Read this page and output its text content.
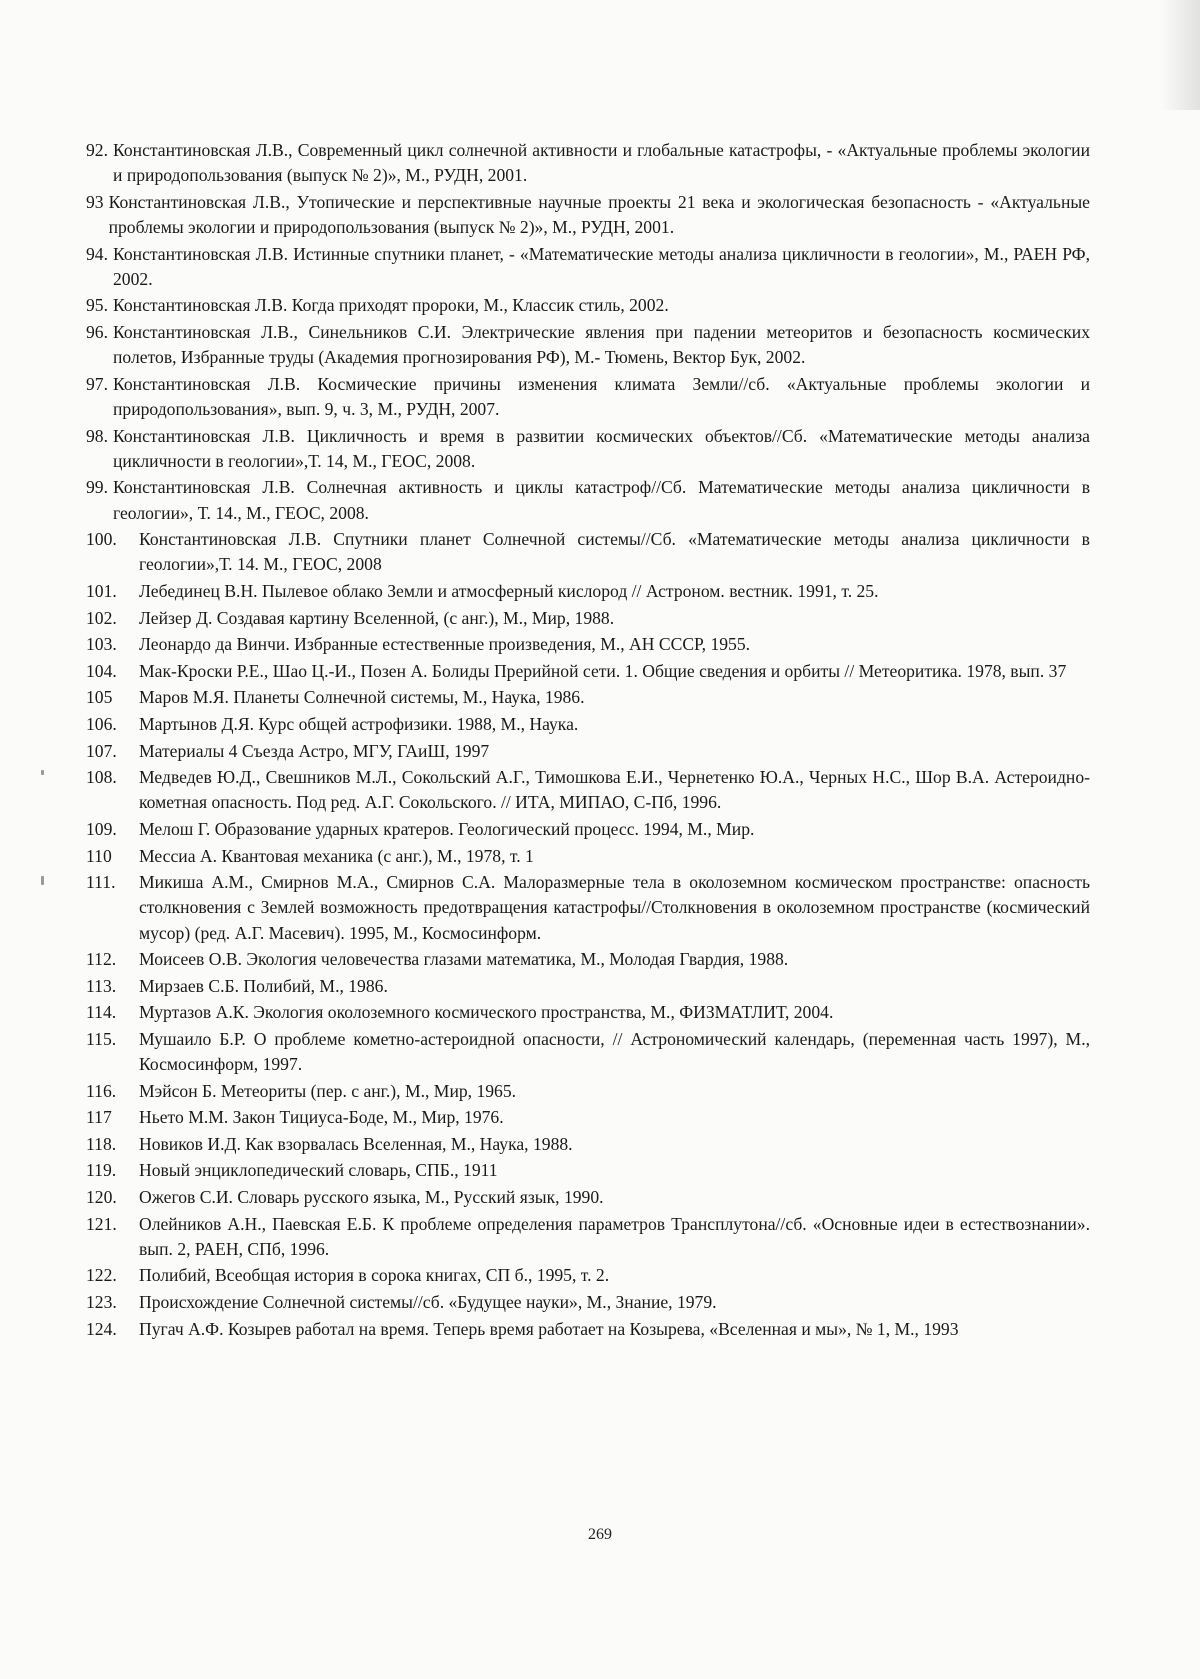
92. Константиновская Л.В., Современный цикл солнечной активности и глобальные катастрофы, - «Актуальные проблемы экологии и природопользования (выпуск № 2)», М., РУДН, 2001.
93 Константиновская Л.В., Утопические и перспективные научные проекты 21 века и экологическая безопасность - «Актуальные проблемы экологии и природопользования (выпуск № 2)», М., РУДН, 2001.
94. Константиновская Л.В. Истинные спутники планет, - «Математические методы анализа цикличности в геологии», М., РАЕН РФ, 2002.
95. Константиновская Л.В. Когда приходят пророки, М., Классик стиль, 2002.
96. Константиновская Л.В., Синельников С.И. Электрические явления при падении метеоритов и безопасность космических полетов, Избранные труды (Академия прогнозирования РФ), М.- Тюмень, Вектор Бук, 2002.
97. Константиновская Л.В. Космические причины изменения климата Земли//сб. «Актуальные проблемы экологии и природопользования», вып. 9, ч. 3, М., РУДН, 2007.
98. Константиновская Л.В. Цикличность и время в развитии космических объектов//Сб. «Математические методы анализа цикличности в геологии»,Т. 14, М., ГЕОС, 2008.
99. Константиновская Л.В. Солнечная активность и циклы катастроф//Сб. Математические методы анализа цикличности в геологии», Т. 14., М., ГЕОС, 2008.
100.	Константиновская Л.В. Спутники планет Солнечной системы//Сб. «Математические методы анализа цикличности в геологии»,Т. 14. М., ГЕОС, 2008
101.	Лебединец В.Н. Пылевое облако Земли и атмосферный кислород // Астроном. вестник. 1991, т. 25.
102.	Лейзер Д. Создавая картину Вселенной, (с анг.), М., Мир, 1988.
103.	Леонардо да Винчи. Избранные естественные произведения, М., АН СССР, 1955.
104.	Мак-Кроски Р.Е., Шао Ц.-И., Позен А. Болиды Прерийной сети. 1. Общие сведения и орбиты // Метеоритика. 1978, вып. 37
105	Маров М.Я. Планеты Солнечной системы, М., Наука, 1986.
106.	Мартынов Д.Я. Курс общей астрофизики. 1988, М., Наука.
107.	Материалы 4 Съезда Астро, МГУ, ГАиШ, 1997
108.	Медведев Ю.Д., Свешников М.Л., Сокольский А.Г., Тимошкова Е.И., Чернетенко Ю.А., Черных Н.С., Шор В.А. Астероидно-кометная опасность. Под ред. А.Г. Сокольского. // ИТА, МИПАО, С-Пб, 1996.
109.	Мелош Г. Образование ударных кратеров. Геологический процесс. 1994, М., Мир.
110	Мессиа А. Квантовая механика (с анг.), М., 1978, т. 1
111.	Микиша А.М., Смирнов М.А., Смирнов С.А. Малоразмерные тела в околоземном космическом пространстве: опасность столкновения с Землей возможность предотвращения катастрофы//Столкновения в околоземном пространстве (космический мусор) (ред. А.Г. Масевич). 1995, М., Космосинформ.
112.	Моисеев О.В. Экология человечества глазами математика, М., Молодая Гвардия, 1988.
113.	Мирзаев С.Б. Полибий, М., 1986.
114.	Муртазов А.К. Экология околоземного космического пространства, М., ФИЗМАТЛИТ, 2004.
115.	Мушаило Б.Р. О проблеме кометно-астероидной опасности, // Астрономический календарь, (переменная часть 1997), М., Космосинформ, 1997.
116.	Мэйсон Б. Метеориты (пер. с анг.), М., Мир, 1965.
117	Ньето М.М. Закон Тициуса-Боде, М., Мир, 1976.
118.	Новиков И.Д. Как взорвалась Вселенная, М., Наука, 1988.
119.	Новый энциклопедический словарь, СПБ., 1911
120.	Ожегов С.И. Словарь русского языка, М., Русский язык, 1990.
121.	Олейников А.Н., Паевская Е.Б. К проблеме определения параметров Трансплутона//сб. «Основные идеи в естествознании». вып. 2, РАЕН, СПб, 1996.
122.	Полибий, Всеобщая история в сорока книгах, СП б., 1995, т. 2.
123.	Происхождение Солнечной системы//сб. «Будущее науки», М., Знание, 1979.
124.	Пугач А.Ф. Козырев работал на время. Теперь время работает на Козырева, «Вселенная и мы», № 1, М., 1993
269
